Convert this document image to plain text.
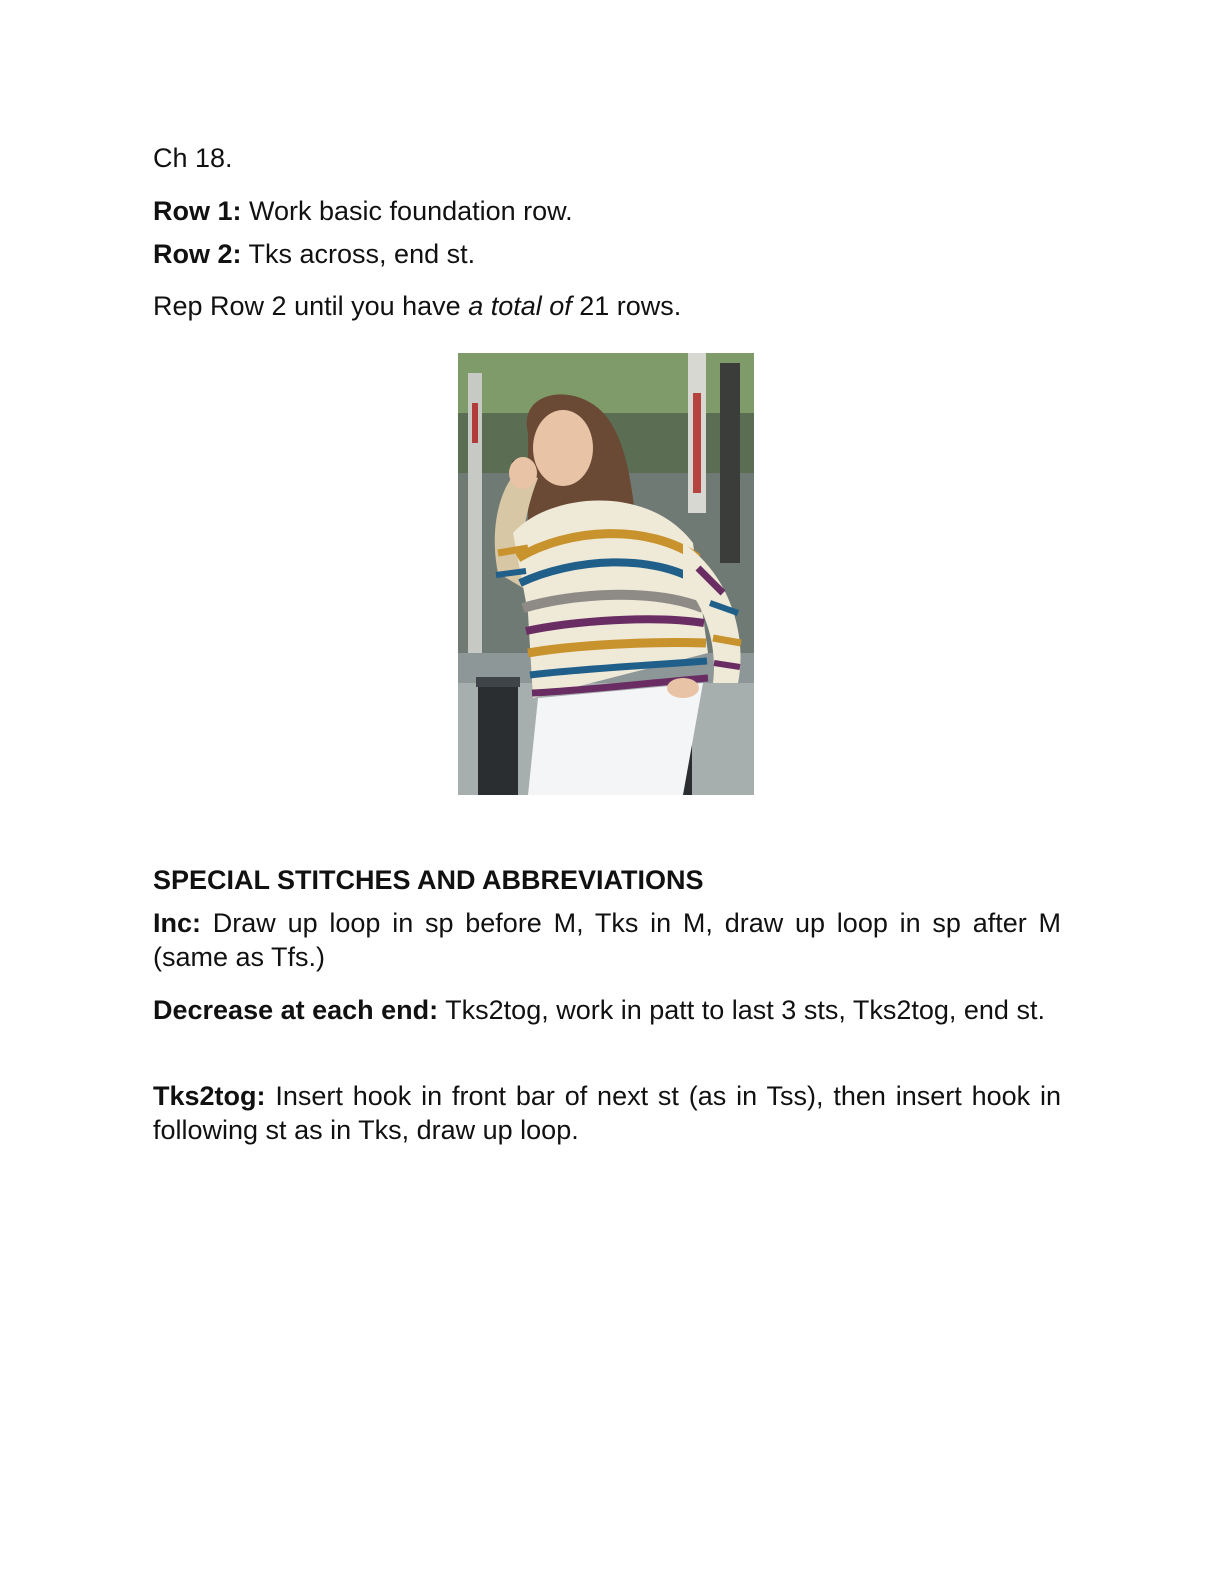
Ch 18.

Row 1: Work basic foundation row.

Row 2: Tks across, end st.

Rep Row 2 until you have a total of 21 rows.

SPECIAL STITCHES AND ABBREVIATIONS

Inc: Draw up loop in sp before M, Tks in M, draw up loop in sp after M (same as Tfs.)

Decrease at each end: Tks2tog, work in patt to last 3 sts, Tks2tog, end st.

Tks2tog: Insert hook in front bar of next st (as in Tss), then insert hook in following st as in Tks, draw up loop.
